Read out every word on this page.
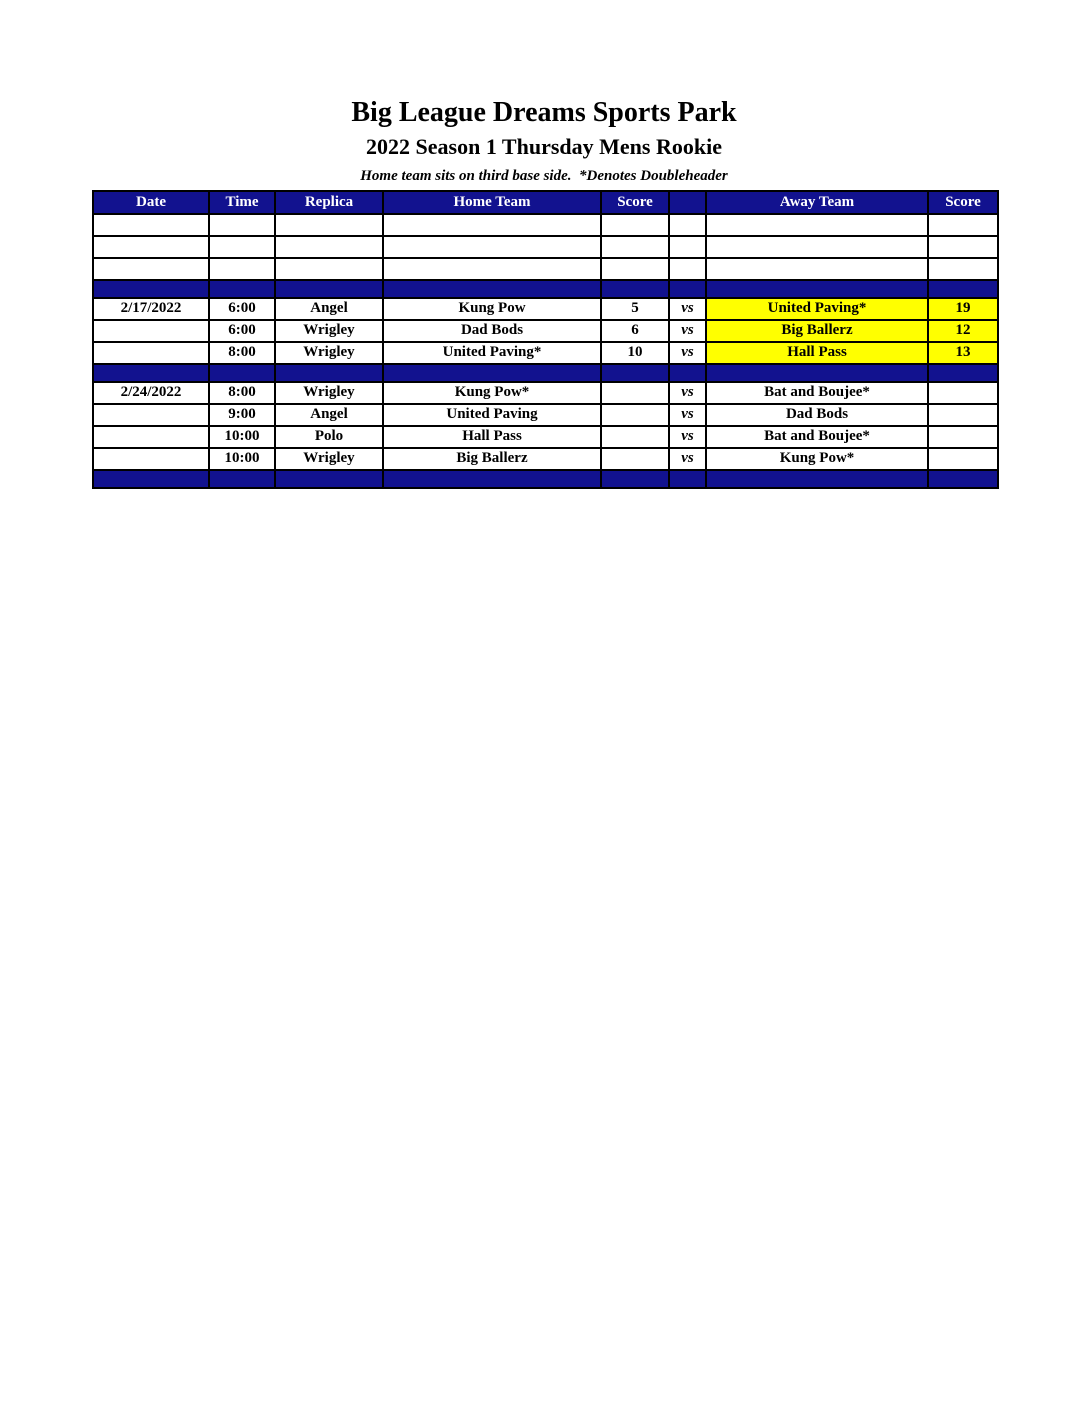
Big League Dreams Sports Park
2022 Season 1 Thursday Mens Rookie

Home team sits on third base side.  *Denotes Doubleheader

Date	Time	Replica	Home Team	Score		Away Team	Score

2/17/2022	6:00	Angel	Kung Pow	5	vs	United Paving*	19
	6:00	Wrigley	Dad Bods	6	vs	Big Ballerz	12
	8:00	Wrigley	United Paving*	10	vs	Hall Pass	13

2/24/2022	8:00	Wrigley	Kung Pow*		vs	Bat and Boujee*	
	9:00	Angel	United Paving		vs	Dad Bods	
	10:00	Polo	Hall Pass		vs	Bat and Boujee*	
	10:00	Wrigley	Big Ballerz		vs	Kung Pow*	
